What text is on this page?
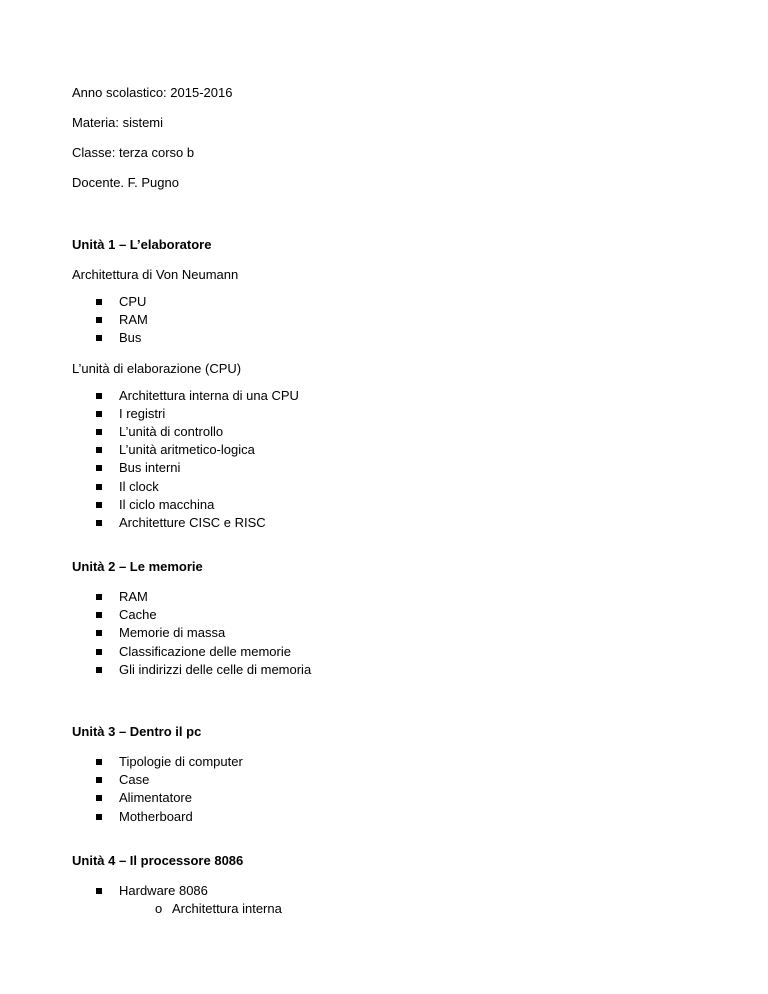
Anno scolastico: 2015-2016

Materia: sistemi

Classe: terza corso b

Docente. F. Pugno

Unità 1 – L’elaboratore

Architettura di Von Neumann

CPU
RAM
Bus

L’unità di elaborazione (CPU)

Architettura interna di una CPU
I registri
L’unità di controllo
L’unità aritmetico-logica
Bus interni
Il clock
Il ciclo macchina
Architetture CISC e RISC

Unità 2 – Le memorie

RAM
Cache
Memorie di massa
Classificazione delle memorie
Gli indirizzi delle celle di memoria

Unità 3 – Dentro il pc

Tipologie di computer
Case
Alimentatore
Motherboard

Unità 4 – Il processore 8086

Hardware 8086
o Architettura interna
